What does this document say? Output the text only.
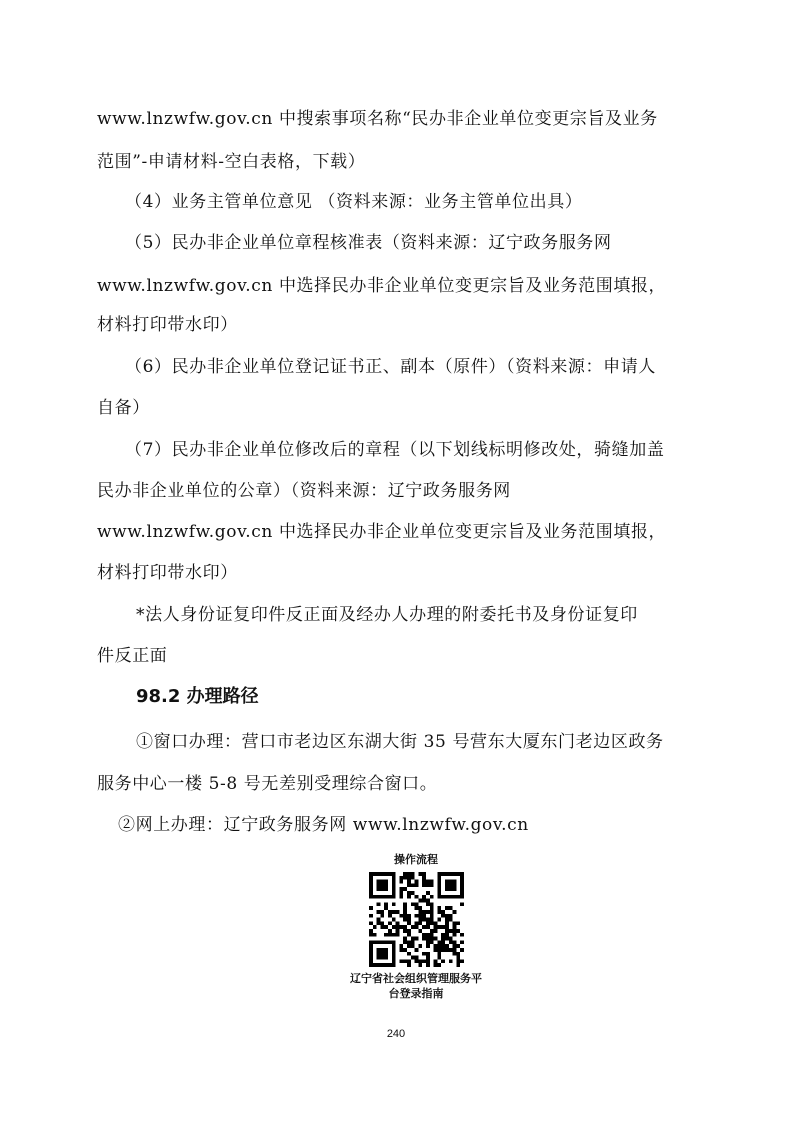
www.lnzwfw.gov.cn 中搜索事项名称“民办非企业单位变更宗旨及业务
范围”-申请材料-空白表格，下载）
（4）业务主管单位意见 （资料来源：业务主管单位出具）
（5）民办非企业单位章程核准表（资料来源：辽宁政务服务网
www.lnzwfw.gov.cn 中选择民办非企业单位变更宗旨及业务范围填报，
材料打印带水印）
（6）民办非企业单位登记证书正、副本（原件）（资料来源：申请人
自备）
（7）民办非企业单位修改后的章程（以下划线标明修改处，骑缝加盖
民办非企业单位的公章）（资料来源：辽宁政务服务网
www.lnzwfw.gov.cn 中选择民办非企业单位变更宗旨及业务范围填报，
材料打印带水印）
*法人身份证复印件反正面及经办人办理的附委托书及身份证复印
件反正面
98.2 办理路径
①窗口办理：营口市老边区东湖大街 35 号营东大厦东门老边区政务
服务中心一楼 5-8 号无差别受理综合窗口。
②网上办理：辽宁政务服务网 www.lnzwfw.gov.cn
操作流程
辽宁省社会组织管理服务平
台登录指南
240
